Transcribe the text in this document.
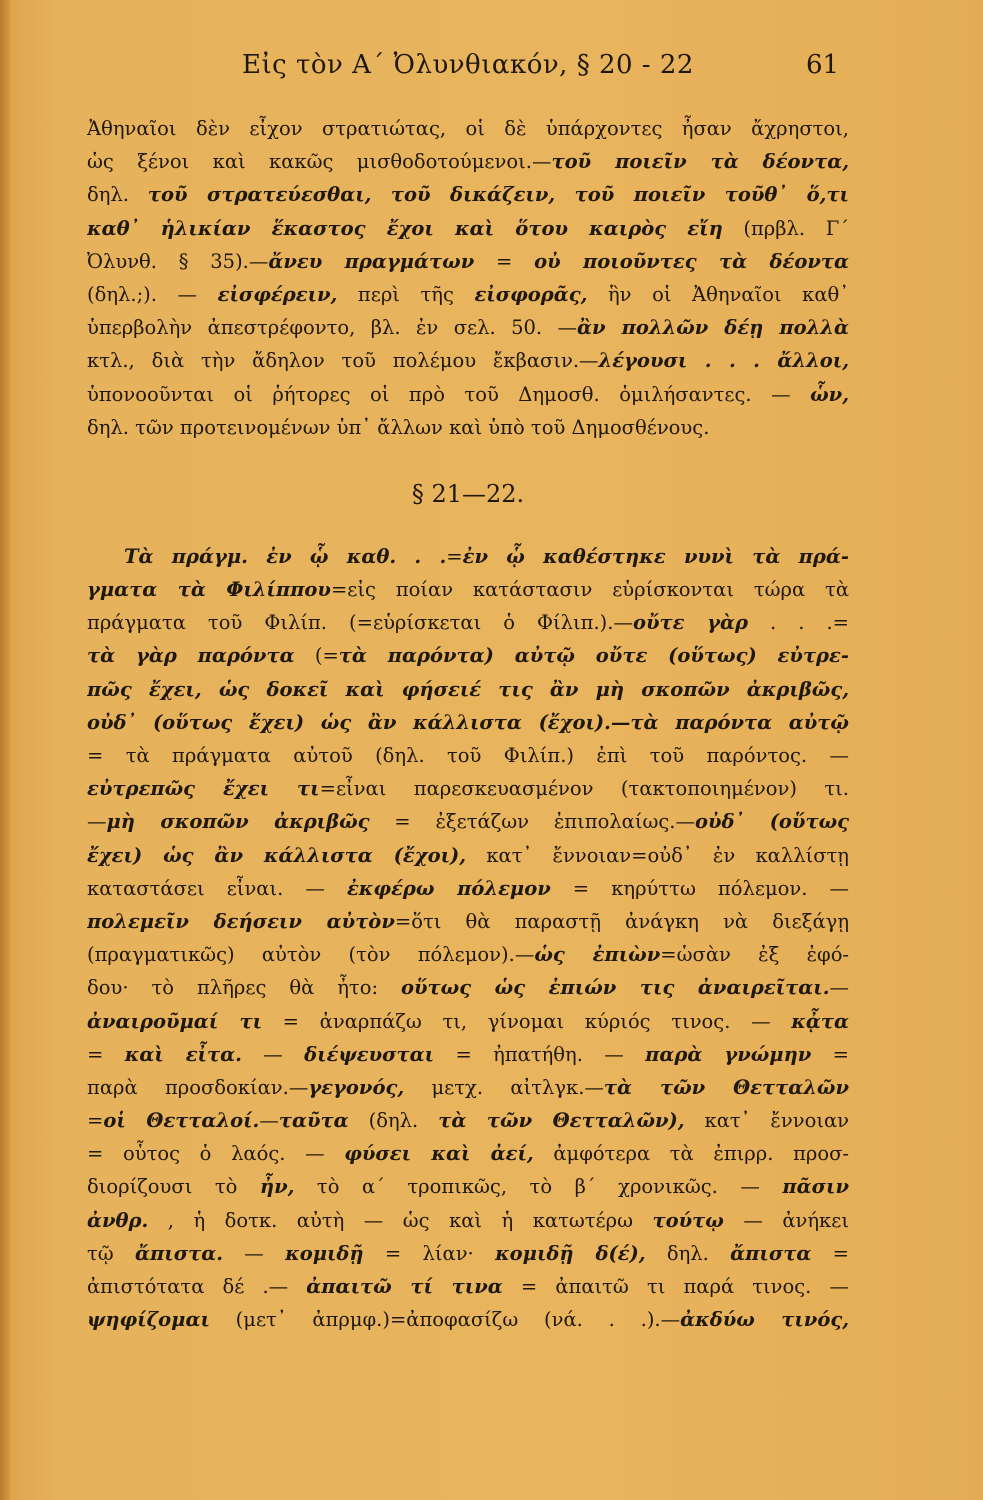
Εἰς τὸν Α΄ Ὀλυνθιακόν, § 20 - 22	61
Ἀθηναῖοι δὲν εἶχον στρατιώτας, οἱ δὲ ὑπάρχοντες ἦσαν ἄχρηστοι,
ὡς ξένοι καὶ κακῶς μισθοδοτούμενοι.—τοῦ ποιεῖν τὰ δέοντα,
δηλ. τοῦ στρατεύεσθαι, τοῦ δικάζειν, τοῦ ποιεῖν τοῦθ᾽ ὅ,τι
καθ᾽ ἡλικίαν ἕκαστος ἔχοι καὶ ὅτου καιρὸς εἴη (πρβλ. Γ΄
Ὀλυνθ. § 35).—ἄνευ πραγμάτων = οὐ ποιοῦντες τὰ δέοντα
(δηλ.;). — εἰσφέρειν, περὶ τῆς εἰσφορᾶς, ἣν οἱ Ἀθηναῖοι καθ᾽
ὑπερβολὴν ἀπεστρέφοντο, βλ. ἐν σελ. 50. —ἂν πολλῶν δέῃ πολλὰ
κτλ., διὰ τὴν ἄδηλον τοῦ πολέμου ἔκβασιν.—λέγουσι . . . ἄλλοι,
ὑπονοοῦνται οἱ ῥήτορες οἱ πρὸ τοῦ Δημοσθ. ὁμιλήσαντες. — ὧν,
δηλ. τῶν προτεινομένων ὑπ᾽ ἄλλων καὶ ὑπὸ τοῦ Δημοσθένους.
§ 21—22.
Τὰ πράγμ. ἐν ᾧ καθ. . .=ἐν ᾧ καθέστηκε νυνὶ τὰ πρά-
γματα τὰ Φιλίππου=εἰς ποίαν κατάστασιν εὑρίσκονται τώρα τὰ
πράγματα τοῦ Φιλίπ. (=εὑρίσκεται ὁ Φίλιπ.).—οὔτε γὰρ . . .=
τὰ γὰρ παρόντα (=τὰ παρόντα) αὐτῷ οὔτε (οὕτως) εὐτρε-
πῶς ἔχει, ὡς δοκεῖ καὶ φήσειέ τις ἂν μὴ σκοπῶν ἀκριβῶς,
οὐδ᾽ (οὕτως ἔχει) ὡς ἂν κάλλιστα (ἔχοι).—τὰ παρόντα αὐτῷ
= τὰ πράγματα αὐτοῦ (δηλ. τοῦ Φιλίπ.) ἐπὶ τοῦ παρόντος. —
εὐτρεπῶς ἔχει τι=εἶναι παρεσκευασμένον (τακτοποιημένον) τι.
—μὴ σκοπῶν ἀκριβῶς = ἐξετάζων ἐπιπολαίως.—οὐδ᾽ (οὕτως
ἔχει) ὡς ἂν κάλλιστα (ἔχοι), κατ᾽ ἔννοιαν=οὐδ᾽ ἐν καλλίστῃ
καταστάσει εἶναι. — ἐκφέρω πόλεμον = κηρύττω πόλεμον. —
πολεμεῖν δεήσειν αὐτὸν=ὅτι θὰ παραστῇ ἀνάγκη νὰ διεξάγῃ
(πραγματικῶς) αὐτὸν (τὸν πόλεμον).—ὡς ἐπιὼν=ὡσὰν ἐξ ἐφό-
δου· τὸ πλῆρες θὰ ἦτο: οὕτως ὡς ἐπιών τις ἀναιρεῖται.—
ἀναιροῦμαί τι = ἀναρπάζω τι, γίνομαι κύριός τινος. — κᾆτα
= καὶ εἶτα. — διέψευσται = ἠπατήθη. — παρὰ γνώμην =
παρὰ προσδοκίαν.—γεγονός, μετχ. αἰτλγκ.—τὰ τῶν Θετταλῶν
=οἱ Θετταλοί.—ταῦτα (δηλ. τὰ τῶν Θετταλῶν), κατ᾽ ἔννοιαν
= οὗτος ὁ λαός. — φύσει καὶ ἀεί, ἀμφότερα τὰ ἐπιρρ. προσ-
διορίζουσι τὸ ἦν, τὸ α΄ τροπικῶς, τὸ β΄ χρονικῶς. — πᾶσιν
ἀνθρ. , ἡ δοτκ. αὐτὴ — ὡς καὶ ἡ κατωτέρω τούτῳ — ἀνήκει
τῷ ἄπιστα. — κομιδῇ = λίαν· κομιδῇ δ(έ), δηλ. ἄπιστα =
ἀπιστότατα δέ .— ἀπαιτῶ τί τινα = ἀπαιτῶ τι παρά τινος. —
ψηφίζομαι (μετ᾽ ἀπρμφ.)=ἀποφασίζω (νά. . .).—ἀκδύω τινός,
